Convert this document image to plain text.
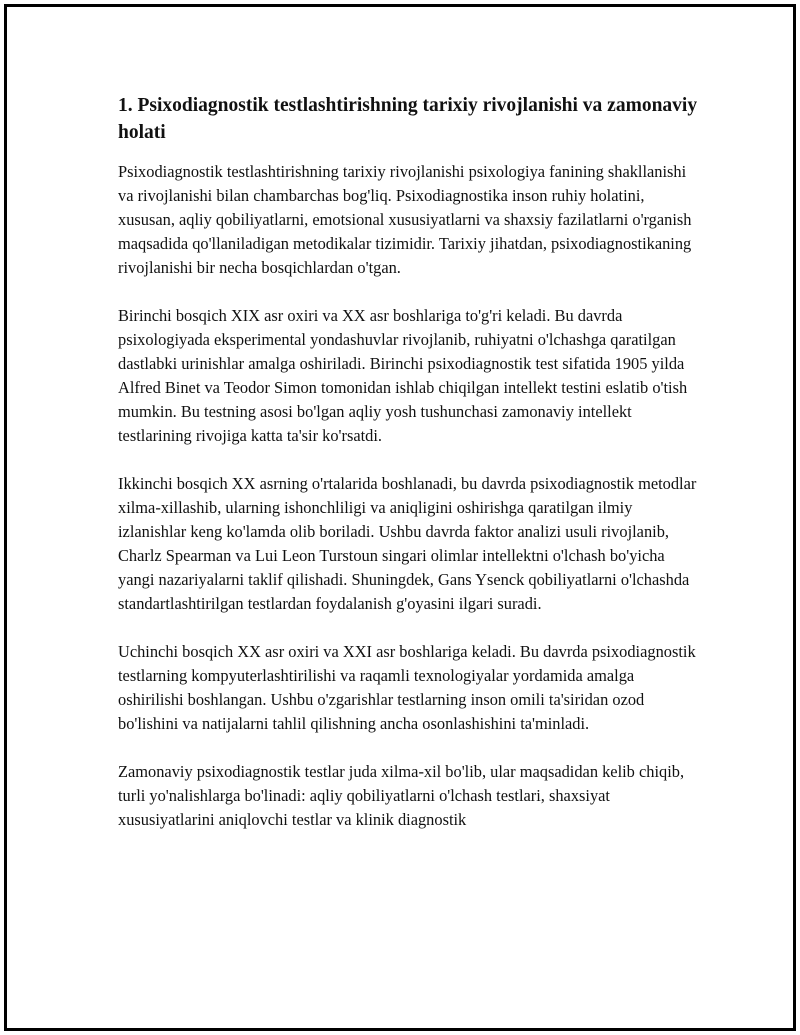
1. Psixodiagnostik testlashtirishning tarixiy rivojlanishi va zamonaviy holati

Psixodiagnostik testlashtirishning tarixiy rivojlanishi psixologiya fanining shakllanishi va rivojlanishi bilan chambarchas bog'liq. Psixodiagnostika inson ruhiy holatini, xususan, aqliy qobiliyatlarni, emotsional xususiyatlarni va shaxsiy fazilatlarni o'rganish maqsadida qo'llaniladigan metodikalar tizimidir. Tarixiy jihatdan, psixodiagnostikaning rivojlanishi bir necha bosqichlardan o'tgan.

Birinchi bosqich XIX asr oxiri va XX asr boshlariga to'g'ri keladi. Bu davrda psixologiyada eksperimental yondashuvlar rivojlanib, ruhiyatni o'lchashga qaratilgan dastlabki urinishlar amalga oshiriladi. Birinchi psixodiagnostik test sifatida 1905 yilda Alfred Binet va Teodor Simon tomonidan ishlab chiqilgan intellekt testini eslatib o'tish mumkin. Bu testning asosi bo'lgan aqliy yosh tushunchasi zamonaviy intellekt testlarining rivojiga katta ta'sir ko'rsatdi.

Ikkinchi bosqich XX asrning o'rtalarida boshlanadi, bu davrda psixodiagnostik metodlar xilma-xillashib, ularning ishonchliligi va aniqligini oshirishga qaratilgan ilmiy izlanishlar keng ko'lamda olib boriladi. Ushbu davrda faktor analizi usuli rivojlanib, Charlz Spearman va Lui Leon Turstoun singari olimlar intellektni o'lchash bo'yicha yangi nazariyalarni taklif qilishadi. Shuningdek, Gans Ysenck qobiliyatlarni o'lchashda standartlashtirilgan testlardan foydalanish g'oyasini ilgari suradi.

Uchinchi bosqich XX asr oxiri va XXI asr boshlariga keladi. Bu davrda psixodiagnostik testlarning kompyuterlashtirilishi va raqamli texnologiyalar yordamida amalga oshirilishi boshlangan. Ushbu o'zgarishlar testlarning inson omili ta'siridan ozod bo'lishini va natijalarni tahlil qilishning ancha osonlashishini ta'minladi.

Zamonaviy psixodiagnostik testlar juda xilma-xil bo'lib, ular maqsadidan kelib chiqib, turli yo'nalishlarga bo'linadi: aqliy qobiliyatlarni o'lchash testlari, shaxsiyat xususiyatlarini aniqlovchi testlar va klinik diagnostik
